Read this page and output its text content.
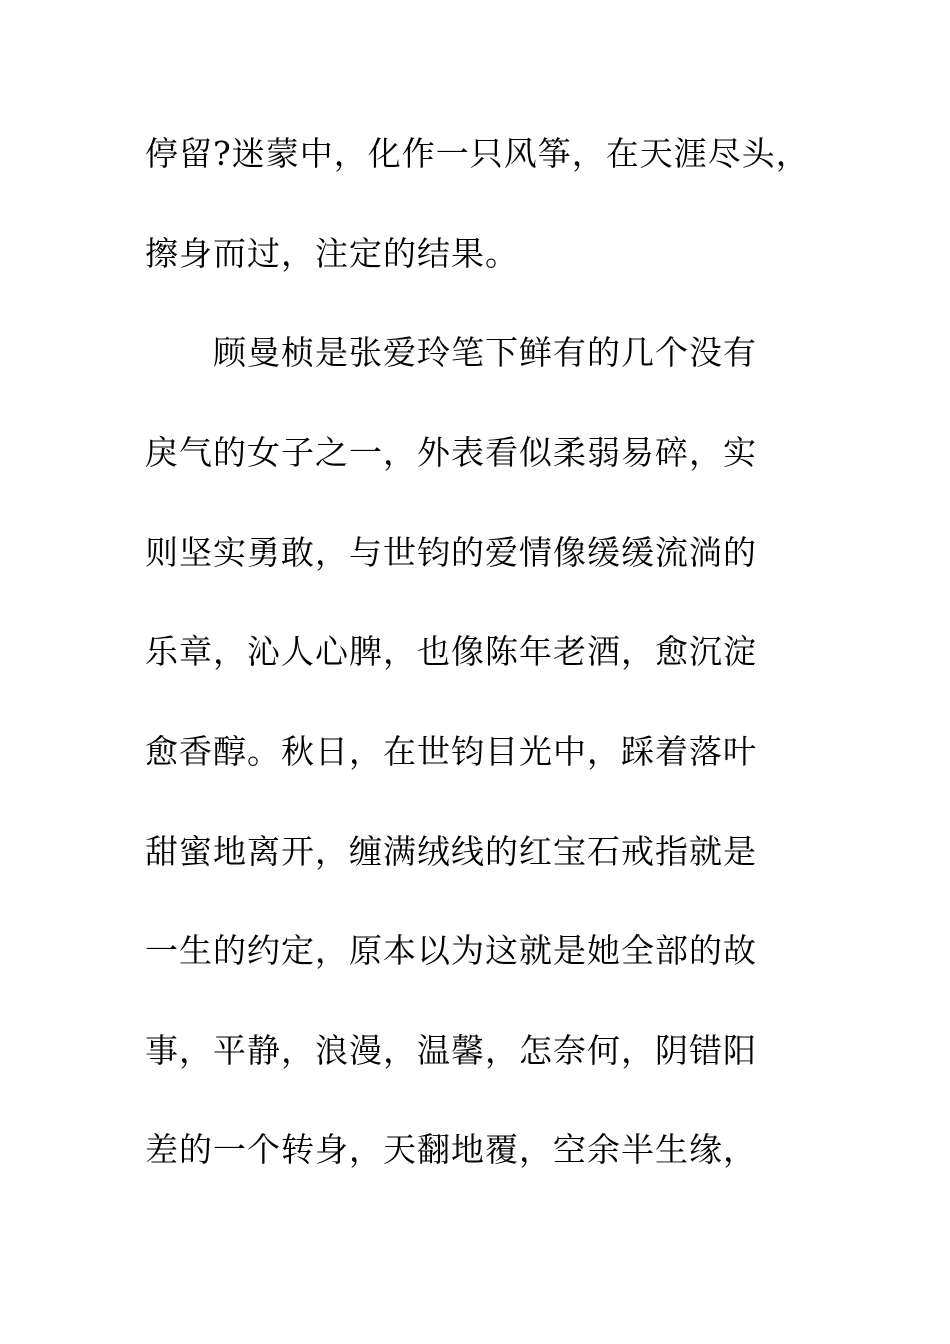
停留?迷蒙中，化作一只风筝，在天涯尽头，
擦身而过，注定的结果。
顾曼桢是张爱玲笔下鲜有的几个没有
戾气的女子之一，外表看似柔弱易碎，实
则坚实勇敢，与世钧的爱情像缓缓流淌的
乐章，沁人心脾，也像陈年老酒，愈沉淀
愈香醇。秋日，在世钧目光中，踩着落叶
甜蜜地离开，缠满绒线的红宝石戒指就是
一生的约定，原本以为这就是她全部的故
事，平静，浪漫，温馨，怎奈何，阴错阳
差的一个转身，天翻地覆，空余半生缘，
